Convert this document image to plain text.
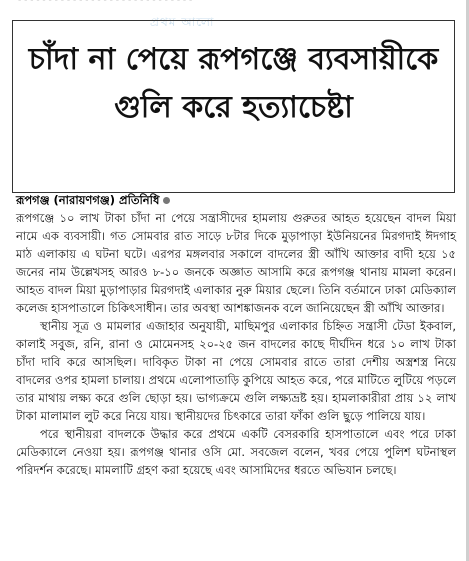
- - - - - - - - - - - - - - - - - - - - - - - - - - - - -
প্রথম আলো
চাঁদা না পেয়ে রূপগঞ্জে ব্যবসায়ীকে গুলি করে হত্যাচেষ্টা
রূপগঞ্জ (নারায়ণগঞ্জ) প্রতিনিধি

রূপগঞ্জে ১০ লাখ টাকা চাঁদা না পেয়ে সন্ত্রাসীদের হামলায় গুরুতর আহত হয়েছেন বাদল মিয়া নামে এক ব্যবসায়ী। গত সোমবার রাত সাড়ে ৮টার দিকে মুড়াপাড়া ইউনিয়নের মিরগদাই ঈদগাহ মাঠ এলাকায় এ ঘটনা ঘটে। এরপর মঙ্গলবার সকালে বাদলের স্ত্রী আঁখি আক্তার বাদী হয়ে ১৫ জনের নাম উল্লেখসহ আরও ৮-১০ জনকে অজ্ঞাত আসামি করে রূপগঞ্জ থানায় মামলা করেন। আহত বাদল মিয়া মুড়াপাড়ার মিরগদাই এলাকার নুরু মিয়ার ছেলে। তিনি বর্তমানে ঢাকা মেডিক্যাল কলেজ হাসপাতালে চিকিৎসাধীন। তার অবস্থা আশঙ্কাজনক বলে জানিয়েছেন স্ত্রী আঁখি আক্তার।

স্থানীয় সূত্র ও মামলার এজাহার অনুযায়ী, মাছিমপুর এলাকার চিহ্নিত সন্ত্রাসী টেডা ইকবাল, কালাই সবুজ, রনি, রানা ও মোমেনসহ ২০-২৫ জন বাদলের কাছে দীর্ঘদিন ধরে ১০ লাখ টাকা চাঁদা দাবি করে আসছিল। দাবিকৃত টাকা না পেয়ে সোমবার রাতে তারা দেশীয় অস্ত্রশস্ত্র নিয়ে বাদলের ওপর হামলা চালায়। প্রথমে এলোপাতাড়ি কুপিয়ে আহত করে, পরে মাটিতে লুটিয়ে পড়লে তার মাথায় লক্ষ্য করে গুলি ছোড়া হয়। ভাগ্যক্রমে গুলি লক্ষ্যভ্রষ্ট হয়। হামলাকারীরা প্রায় ১২ লাখ টাকা মালামাল লুট করে নিয়ে যায়। স্থানীয়দের চিৎকারে তারা ফাঁকা গুলি ছুড়ে পালিয়ে যায়।

পরে স্থানীয়রা বাদলকে উদ্ধার করে প্রথমে একটি বেসরকারি হাসপাতালে এবং পরে ঢাকা মেডিক্যালে নেওয়া হয়। রূপগঞ্জ থানার ওসি মো. সবজেল বলেন, খবর পেয়ে পুলিশ ঘটনাস্থল পরিদর্শন করেছে। মামলাটি গ্রহণ করা হয়েছে এবং আসামিদের ধরতে অভিযান চলছে।
